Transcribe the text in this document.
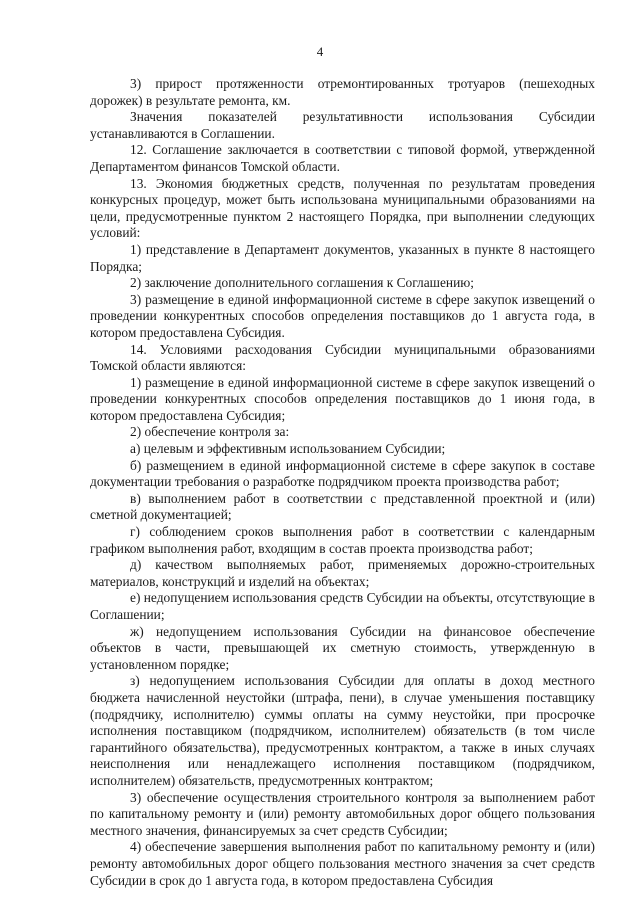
4

3) прирост протяженности отремонтированных тротуаров (пешеходных дорожек) в результате ремонта, км.

Значения показателей результативности использования Субсидии устанавливаются в Соглашении.

12. Соглашение заключается в соответствии с типовой формой, утвержденной Департаментом финансов Томской области.

13. Экономия бюджетных средств, полученная по результатам проведения конкурсных процедур, может быть использована муниципальными образованиями на цели, предусмотренные пунктом 2 настоящего Порядка, при выполнении следующих условий:

1) представление в Департамент документов, указанных в пункте 8 настоящего Порядка;

2) заключение дополнительного соглашения к Соглашению;

3) размещение в единой информационной системе в сфере закупок извещений о проведении конкурентных способов определения поставщиков до 1 августа года, в котором предоставлена Субсидия.

14. Условиями расходования Субсидии муниципальными образованиями Томской области являются:

1) размещение в единой информационной системе в сфере закупок извещений о проведении конкурентных способов определения поставщиков до 1 июня года, в котором предоставлена Субсидия;

2) обеспечение контроля за:

а) целевым и эффективным использованием Субсидии;

б) размещением в единой информационной системе в сфере закупок в составе документации требования о разработке подрядчиком проекта производства работ;

в) выполнением работ в соответствии с представленной проектной и (или) сметной документацией;

г) соблюдением сроков выполнения работ в соответствии с календарным графиком выполнения работ, входящим в состав проекта производства работ;

д) качеством выполняемых работ, применяемых дорожно-строительных материалов, конструкций и изделий на объектах;

е) недопущением использования средств Субсидии на объекты, отсутствующие в Соглашении;

ж) недопущением использования Субсидии на финансовое обеспечение объектов в части, превышающей их сметную стоимость, утвержденную в установленном порядке;

з) недопущением использования Субсидии для оплаты в доход местного бюджета начисленной неустойки (штрафа, пени), в случае уменьшения поставщику (подрядчику, исполнителю) суммы оплаты на сумму неустойки, при просрочке исполнения поставщиком (подрядчиком, исполнителем) обязательств (в том числе гарантийного обязательства), предусмотренных контрактом, а также в иных случаях неисполнения или ненадлежащего исполнения поставщиком (подрядчиком, исполнителем) обязательств, предусмотренных контрактом;

3) обеспечение осуществления строительного контроля за выполнением работ по капитальному ремонту и (или) ремонту автомобильных дорог общего пользования местного значения, финансируемых за счет средств Субсидии;

4) обеспечение завершения выполнения работ по капитальному ремонту и (или) ремонту автомобильных дорог общего пользования местного значения за счет средств Субсидии в срок до 1 августа года, в котором предоставлена Субсидия
